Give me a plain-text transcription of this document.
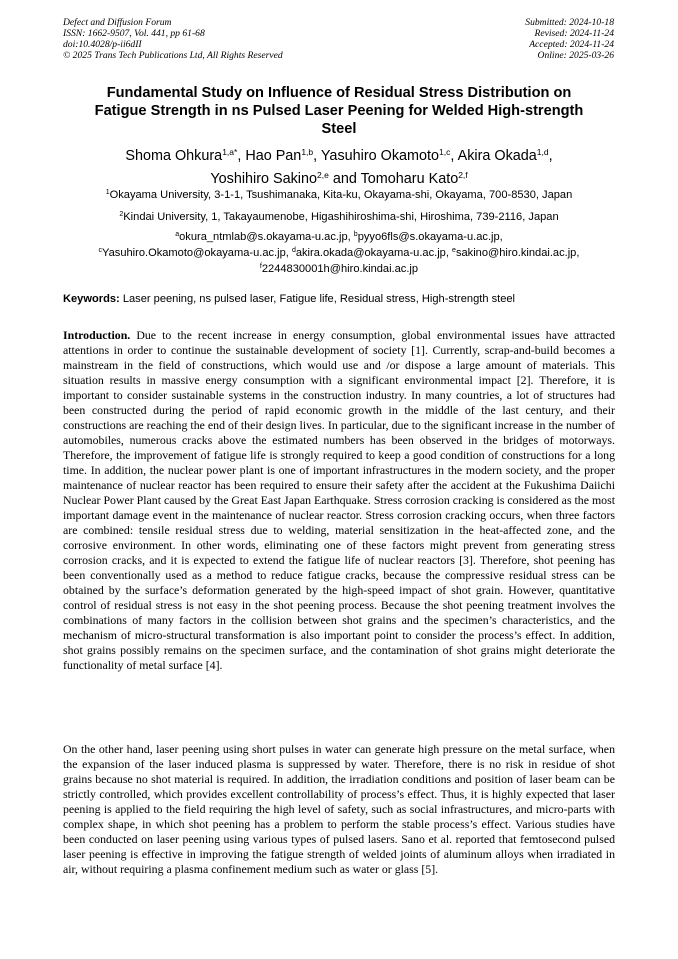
Defect and Diffusion Forum
ISSN: 1662-9507, Vol. 441, pp 61-68
doi:10.4028/p-ii6dII
© 2025 Trans Tech Publications Ltd, All Rights Reserved
Submitted: 2024-10-18
Revised: 2024-11-24
Accepted: 2024-11-24
Online: 2025-03-26
Fundamental Study on Influence of Residual Stress Distribution on
Fatigue Strength in ns Pulsed Laser Peening for Welded High-strength
Steel
Shoma Ohkura$^{1,a*}$, Hao Pan$^{1,b}$, Yasuhiro Okamoto$^{1,c}$, Akira Okada$^{1,d}$,
Yoshihiro Sakino$^{2,e}$ and Tomoharu Kato$^{2,f}$
$^1$Okayama University, 3-1-1, Tsushimanaka, Kita-ku, Okayama-shi, Okayama, 700-8530, Japan
$^2$Kindai University, 1, Takayaumenobe, Higashihiroshima-shi, Hiroshima, 739-2116, Japan
$^a$okura_ntmlab@s.okayama-u.ac.jp, $^b$pyyo6fls@s.okayama-u.ac.jp,
$^c$Yasuhiro.Okamoto@okayama-u.ac.jp, $^d$akira.okada@okayama-u.ac.jp, $^e$sakino@hiro.kindai.ac.jp,
$^f$2244830001h@hiro.kindai.ac.jp
Keywords: Laser peening, ns pulsed laser, Fatigue life, Residual stress, High-strength steel
Introduction. Due to the recent increase in energy consumption, global environmental issues have attracted attentions in order to continue the sustainable development of society [1]. Currently, scrap-and-build becomes a mainstream in the field of constructions, which would use and /or dispose a large amount of materials. This situation results in massive energy consumption with a significant environmental impact [2]. Therefore, it is important to consider sustainable systems in the construction industry. In many countries, a lot of structures had been constructed during the period of rapid economic growth in the middle of the last century, and their constructions are reaching the end of their design lives. In particular, due to the significant increase in the number of automobiles, numerous cracks above the estimated numbers has been observed in the bridges of motorways. Therefore, the improvement of fatigue life is strongly required to keep a good condition of constructions for a long time. In addition, the nuclear power plant is one of important infrastructures in the modern society, and the proper maintenance of nuclear reactor has been required to ensure their safety after the accident at the Fukushima Daiichi Nuclear Power Plant caused by the Great East Japan Earthquake. Stress corrosion cracking is considered as the most important damage event in the maintenance of nuclear reactor. Stress corrosion cracking occurs, when three factors are combined: tensile residual stress due to welding, material sensitization in the heat-affected zone, and the corrosive environment. In other words, eliminating one of these factors might prevent from generating stress corrosion cracks, and it is expected to extend the fatigue life of nuclear reactors [3]. Therefore, shot peening has been conventionally used as a method to reduce fatigue cracks, because the compressive residual stress can be obtained by the surface’s deformation generated by the high-speed impact of shot grain. However, quantitative control of residual stress is not easy in the shot peening process. Because the shot peening treatment involves the combinations of many factors in the collision between shot grains and the specimen’s characteristics, and the mechanism of micro-structural transformation is also important point to consider the process’s effect. In addition, shot grains possibly remains on the specimen surface, and the contamination of shot grains might deteriorate the functionality of metal surface [4].
On the other hand, laser peening using short pulses in water can generate high pressure on the metal surface, when the expansion of the laser induced plasma is suppressed by water. Therefore, there is no risk in residue of shot grains because no shot material is required. In addition, the irradiation conditions and position of laser beam can be strictly controlled, which provides excellent controllability of process’s effect. Thus, it is highly expected that laser peening is applied to the field requiring the high level of safety, such as social infrastructures, and micro-parts with complex shape, in which shot peening has a problem to perform the stable process’s effect. Various studies have been conducted on laser peening using various types of pulsed lasers. Sano et al. reported that femtosecond pulsed laser peening is effective in improving the fatigue strength of welded joints of aluminum alloys when irradiated in air, without requiring a plasma confinement medium such as water or glass [5].
